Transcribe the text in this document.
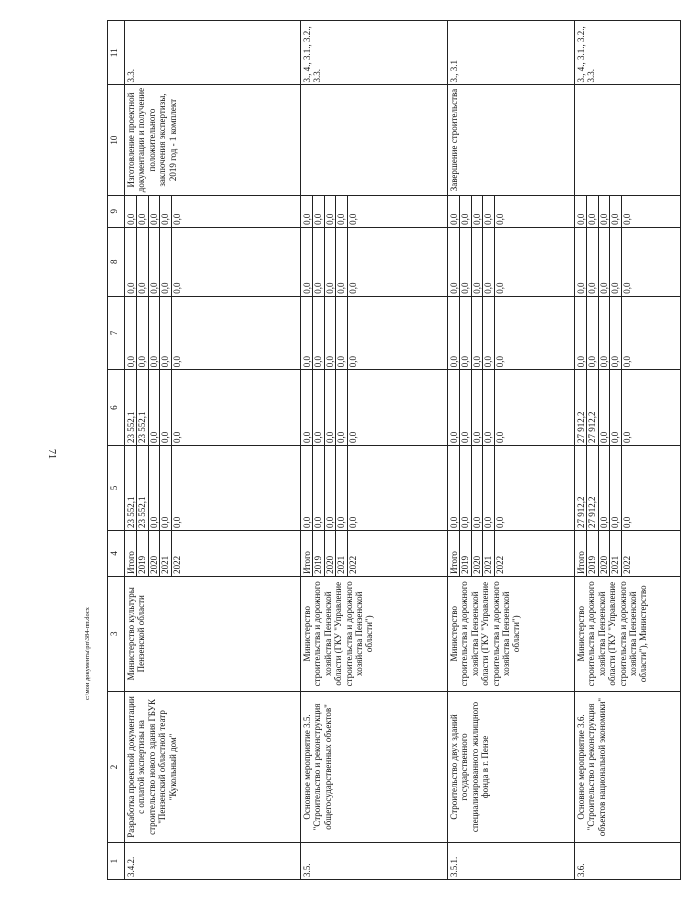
71
c:\мои документы\рп\384-пп.docx
1	2	3	4	5	6	7	8	9	10	11
3.4.2.	Разработка проектной документации с оплатой экспертизы на строительство нового здания ГБУК "Пензенский областной театр "Кукольный дом"	Министерство культуры Пензенской области	Итого 2019 2020 2021 2022	23 552,1 23 552,1 0,0 0,0 0,0	23 552,1 23 552,1 0,0 0,0 0,0	0,0 0,0 0,0 0,0 0,0	0,0 0,0 0,0 0,0 0,0	0,0 0,0 0,0 0,0 0,0	Изготовление проектной документации и получение положительного заключения экспертизы, 2019 год - 1 комплект	3.3.
3.5.	Основное мероприятие 3.5. "Строительство и реконструкция общегосударственных объектов"	Министерство строительства и дорожного хозяйства Пензенской области (ГКУ "Управление строительства и дорожного хозяйства Пензенской области")	Итого 2019 2020 2021 2022	0,0 0,0 0,0 0,0 0,0	0,0 0,0 0,0 0,0 0,0	0,0 0,0 0,0 0,0 0,0	0,0 0,0 0,0 0,0 0,0	0,0 0,0 0,0 0,0 0,0		3., 4., 3.1., 3.2., 3.3.
3.5.1.	Строительство двух зданий государственного специализированного жилищного фонда в г. Пензе	Министерство строительства и дорожного хозяйства Пензенской области (ГКУ "Управление строительства и дорожного хозяйства Пензенской области")	Итого 2019 2020 2021 2022	0,0 0,0 0,0 0,0 0,0	0,0 0,0 0,0 0,0 0,0	0,0 0,0 0,0 0,0 0,0	0,0 0,0 0,0 0,0 0,0	0,0 0,0 0,0 0,0 0,0	Завершение строительства	3., 3.1
3.6.	Основное мероприятие 3.6. "Строительство и реконструкция объектов национальной экономики"	Министерство строительства и дорожного хозяйства Пензенской области (ГКУ "Управление строительства и дорожного хозяйства Пензенской области"), Министерство	Итого 2019 2020 2021 2022	27 912,2 27 912,2 0,0 0,0 0,0	27 912,2 27 912,2 0,0 0,0 0,0	0,0 0,0 0,0 0,0 0,0	0,0 0,0 0,0 0,0 0,0	0,0 0,0 0,0 0,0 0,0		3., 4., 3.1., 3.2., 3.3.
